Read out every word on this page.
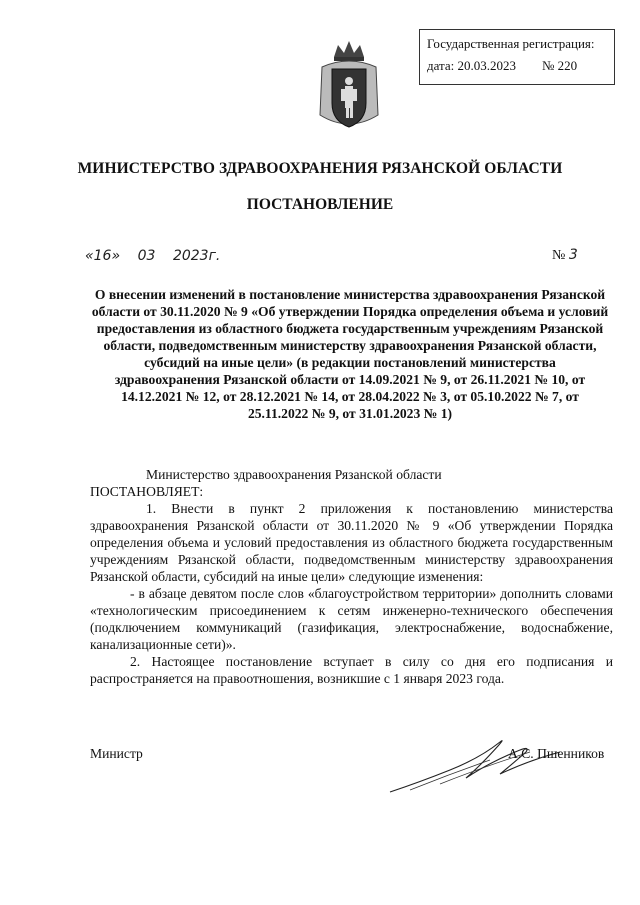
Государственная регистрация:
дата: 20.03.2023 № 220
МИНИСТЕРСТВО ЗДРАВООХРАНЕНИЯ РЯЗАНСКОЙ ОБЛАСТИ
ПОСТАНОВЛЕНИЕ
«16» 03 2023г.	№ 3
О внесении изменений в постановление министерства здравоохранения Рязанской области от 30.11.2020 № 9 «Об утверждении Порядка определения объема и условий предоставления из областного бюджета государственным учреждениям Рязанской области, подведомственным министерству здравоохранения Рязанской области, субсидий на иные цели» (в редакции постановлений министерства здравоохранения Рязанской области от 14.09.2021 № 9, от 26.11.2021 № 10, от 14.12.2021 № 12, от 28.12.2021 № 14, от 28.04.2022 № 3, от 05.10.2022 № 7, от 25.11.2022 № 9, от 31.01.2023 № 1)

Министерство здравоохранения Рязанской области

ПОСТАНОВЛЯЕТ:

1. Внести в пункт 2 приложения к постановлению министерства здравоохранения Рязанской области от 30.11.2020 № 9 «Об утверждении Порядка определения объема и условий предоставления из областного бюджета государственным учреждениям Рязанской области, подведомственным министерству здравоохранения Рязанской области, субсидий на иные цели» следующие изменения:

- в абзаце девятом после слов «благоустройством территории» дополнить словами «технологическим присоединением к сетям инженерно-технического обеспечения (подключением коммуникаций (газификация, электроснабжение, водоснабжение, канализационные сети)».

2. Настоящее постановление вступает в силу со дня его подписания и распространяется на правоотношения, возникшие с 1 января 2023 года.

Министр	А.С. Пшенников
